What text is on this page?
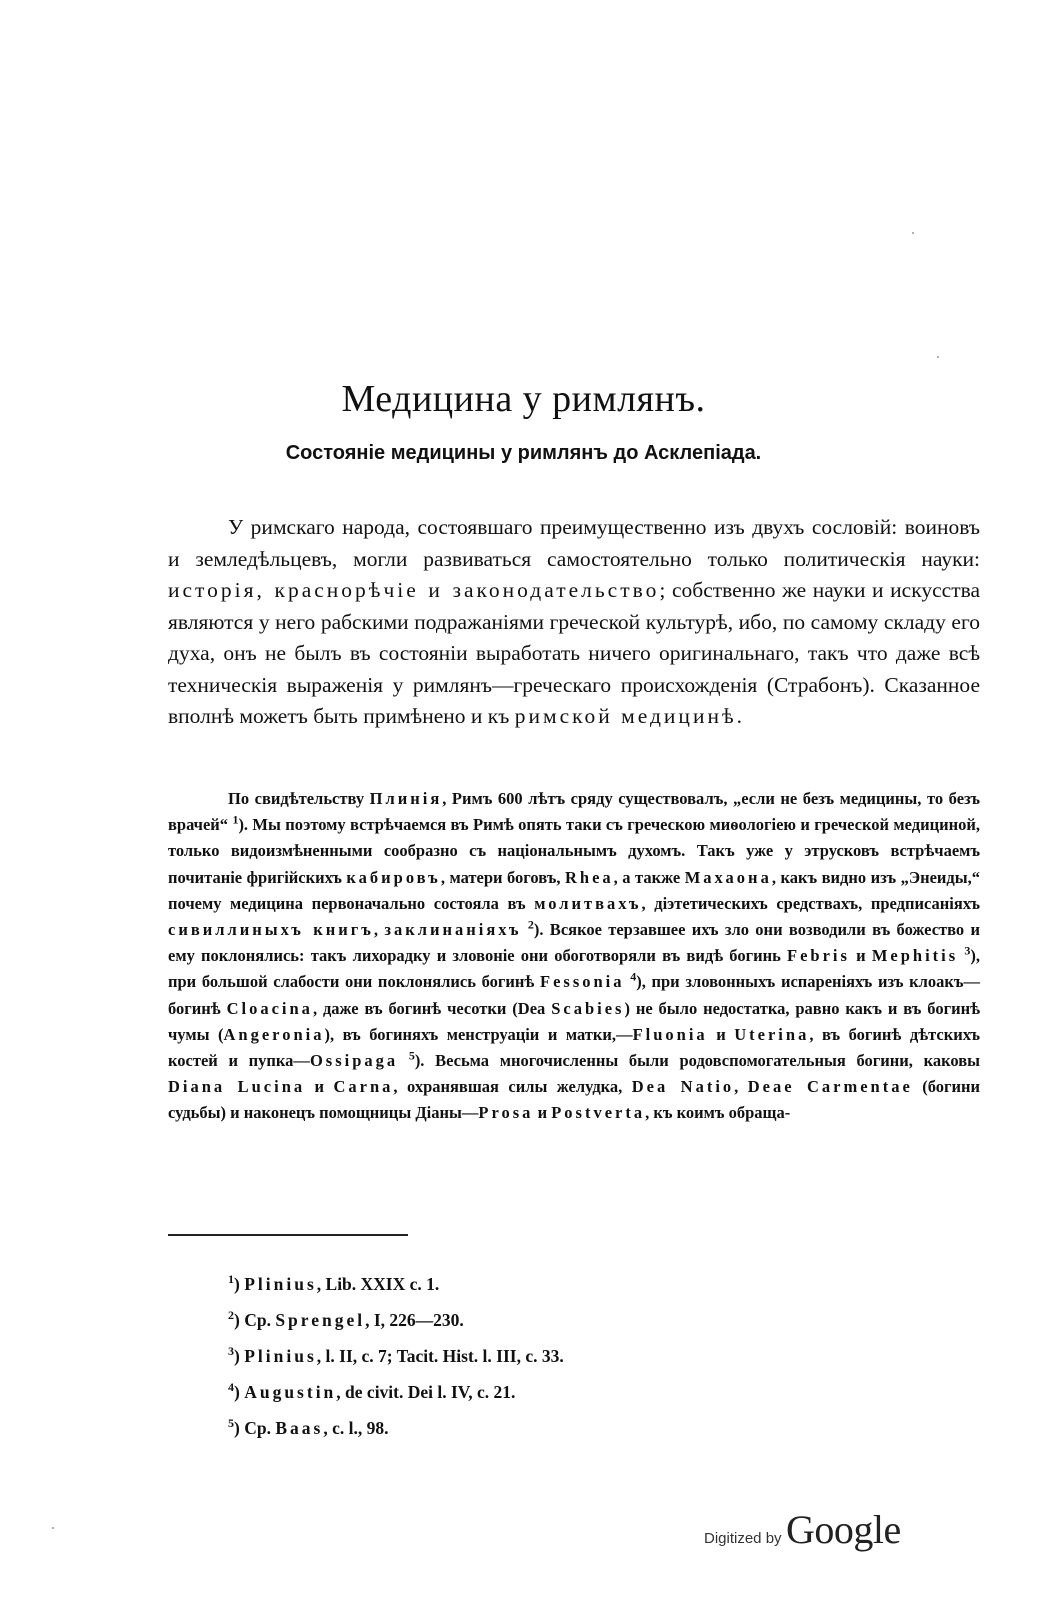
Медицина у римлянъ.
Состояніе медицины у римлянъ до Асклепіада.

У римскаго народа, состоявшаго преимущественно изъ двухъ сословій: воиновъ и земледѣльцевъ, могли развиваться самостоятельно только политическія науки: исторія, краснорѣчіе и законодательство; собственно же науки и искусства являются у него рабскими подражаніями греческой культурѣ, ибо, по самому складу его духа, онъ не былъ въ состояніи выработать ничего оригинальнаго, такъ что даже всѣ техническія выраженія у римлянъ—греческаго происхожденія (Страбонъ). Сказанное вполнѣ можетъ быть примѣнено и къ римской медицинѣ.

По свидѣтельству Плинія, Римъ 600 лѣтъ сряду существовалъ, „если не безъ медицины, то безъ врачей“ $^1$). Мы поэтому встрѣчаемся въ Римѣ опять таки съ греческою миѳологіею и греческой медициной, только видоизмѣненными сообразно съ національнымъ духомъ. Такъ уже у этрусковъ встрѣчаемъ почитаніе фригійскихъ кабировъ, матери боговъ, Rhea, а также Махаона, какъ видно изъ „Энеиды,“ почему медицина первоначально состояла въ молитвахъ, діэтетическихъ средствахъ, предписаніяхъ сивиллиныхъ книгъ, заклинаніяхъ $^2$). Всякое терзавшее ихъ зло они возводили въ божество и ему поклонялись: такъ лихорадку и зловоніе они обоготворяли въ видѣ богинь Febris и Mephitis $^3$), при большой слабости они поклонялись богинѣ Fessonia $^4$), при зловонныхъ испареніяхъ изъ клоакъ—богинѣ Cloacina, даже въ богинѣ чесотки (Dea Scabies) не было недостатка, равно какъ и въ богинѣ чумы (Angeronia), въ богиняхъ менструаціи и матки,—Fluonia и Uterina, въ богинѣ дѣтскихъ костей и пупка—Ossipaga $^5$). Весьма многочисленны были родовспомогательныя богини, каковы Diana Lucina и Carna, охранявшая силы желудка, Dea Natio, Deae Carmentae (богини судьбы) и наконецъ помощницы Діаны—Prosa и Postverta, къ коимъ обраща-

$^1$) Plinius, Lib. XXIX c. 1.
$^2$) Cp. Sprengel, I, 226—230.
$^3$) Plinius, l. II, c. 7; Tacit. Hist. l. III, c. 33.
$^4$) Augustin, de civit. Dei l. IV, c. 21.
$^5$) Cp. Baas, c. l., 98.
Digitized by Google
